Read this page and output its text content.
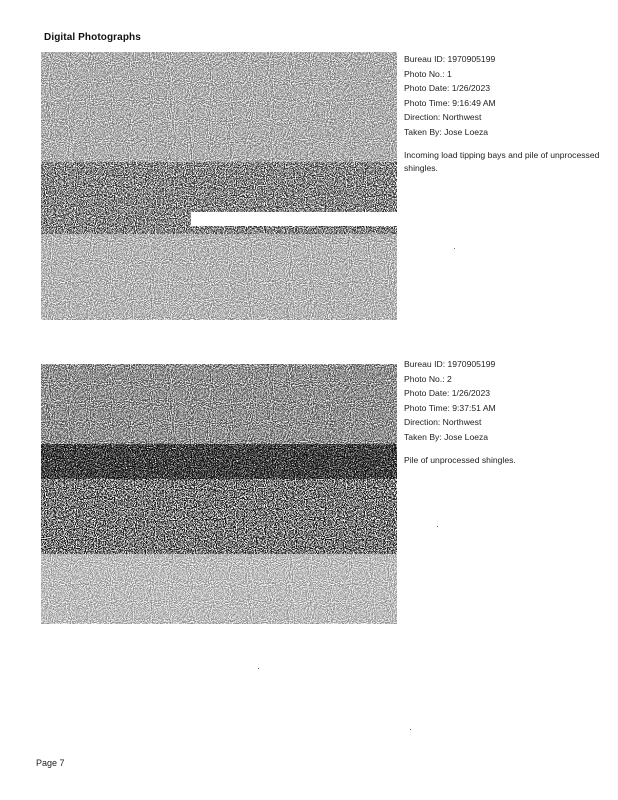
Digital Photographs
Bureau ID: 1970905199
Photo No.: 1
Photo Date: 1/26/2023
Photo Time: 9:16:49 AM
Direction: Northwest
Taken By: Jose Loeza
Incoming load tipping bays and pile of unprocessed shingles.
Bureau ID: 1970905199
Photo No.: 2
Photo Date: 1/26/2023
Photo Time: 9:37:51 AM
Direction: Northwest
Taken By: Jose Loeza
Pile of unprocessed shingles.
Page 7
